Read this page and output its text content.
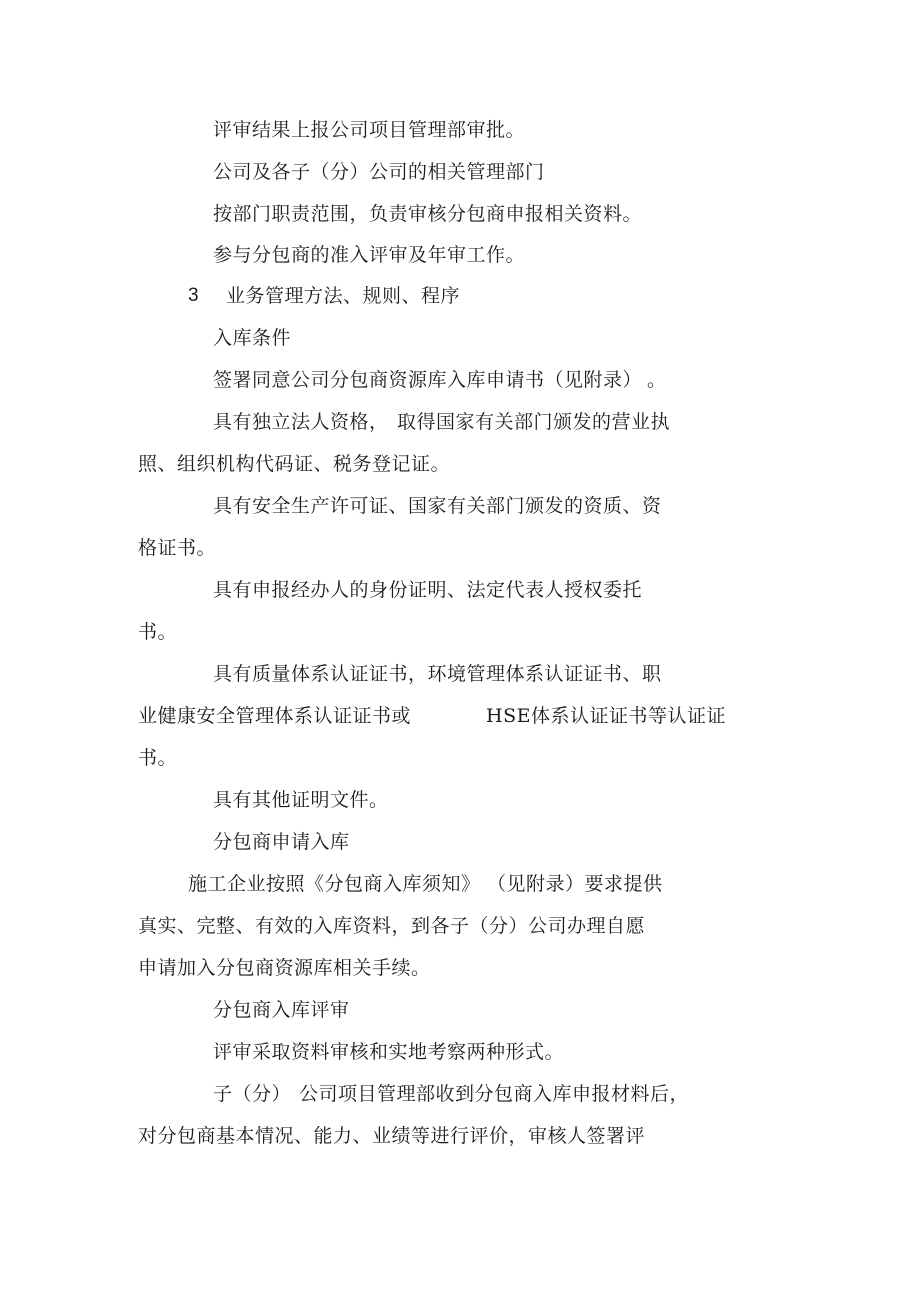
评审结果上报公司项目管理部审批。
公司及各子（分）公司的相关管理部门
按部门职责范围，负责审核分包商申报相关资料。
参与分包商的准入评审及年审工作。
3 业务管理方法、规则、程序
入库条件
签署同意公司分包商资源库入库申请书（见附录） 。
具有独立法人资格， 取得国家有关部门颁发的营业执
照、组织机构代码证、税务登记证。
具有安全生产许可证、国家有关部门颁发的资质、资
格证书。
具有申报经办人的身份证明、法定代表人授权委托
书。
具有质量体系认证证书，环境管理体系认证证书、职
业健康安全管理体系认证证书或	HSE体系认证证书等认证证
书。
具有其他证明文件。
分包商申请入库
施工企业按照《分包商入库须知》 （见附录）要求提供
真实、完整、有效的入库资料，到各子（分）公司办理自愿
申请加入分包商资源库相关手续。
分包商入库评审
评审采取资料审核和实地考察两种形式。
子（分） 公司项目管理部收到分包商入库申报材料后，
对分包商基本情况、能力、业绩等进行评价，审核人签署评
